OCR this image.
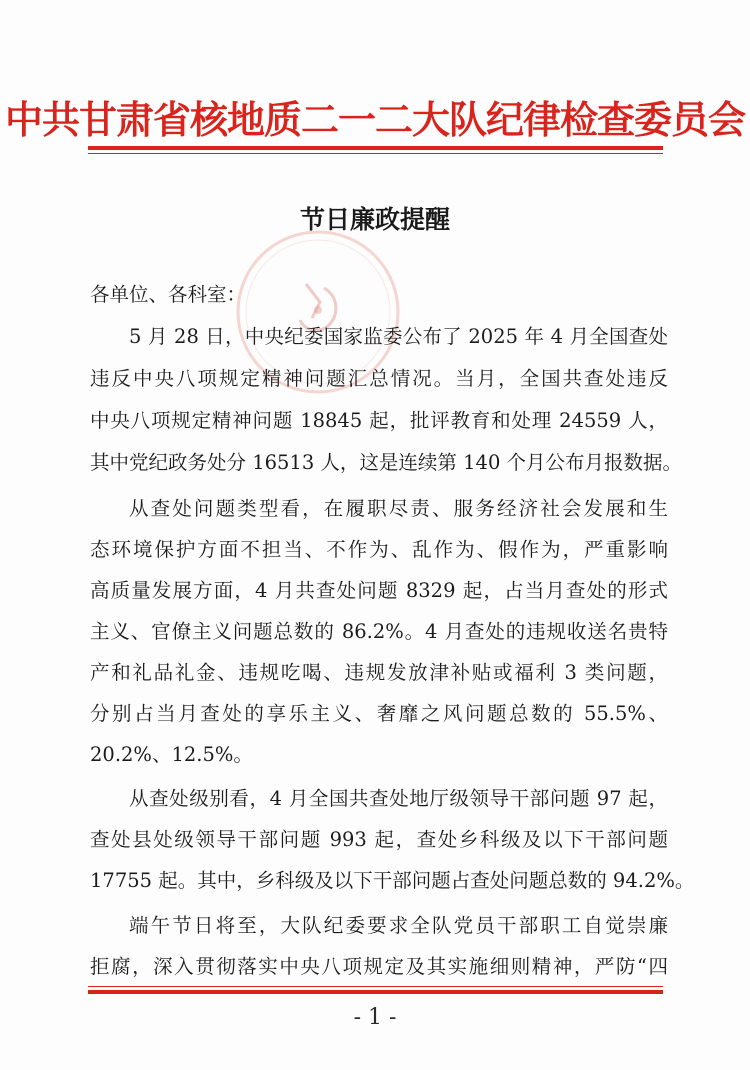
中共甘肃省核地质二一二大队纪律检查委员会
节日廉政提醒
各单位、各科室：
5 月 28 日，中央纪委国家监委公布了 2025 年 4 月全国查处
违反中央八项规定精神问题汇总情况。当月，全国共查处违反
中央八项规定精神问题 18845 起，批评教育和处理 24559 人，
其中党纪政务处分 16513 人，这是连续第 140 个月公布月报数据。
从查处问题类型看，在履职尽责、服务经济社会发展和生
态环境保护方面不担当、不作为、乱作为、假作为，严重影响
高质量发展方面，4 月共查处问题 8329 起，占当月查处的形式
主义、官僚主义问题总数的 86.2%。4 月查处的违规收送名贵特
产和礼品礼金、违规吃喝、违规发放津补贴或福利 3 类问题，
分别占当月查处的享乐主义、奢靡之风问题总数的 55.5%、
20.2%、12.5%。
从查处级别看，4 月全国共查处地厅级领导干部问题 97 起，
查处县处级领导干部问题 993 起，查处乡科级及以下干部问题
17755 起。其中，乡科级及以下干部问题占查处问题总数的 94.2%。
端午节日将至，大队纪委要求全队党员干部职工自觉崇廉
拒腐，深入贯彻落实中央八项规定及其实施细则精神，严防“四
- 1 -
